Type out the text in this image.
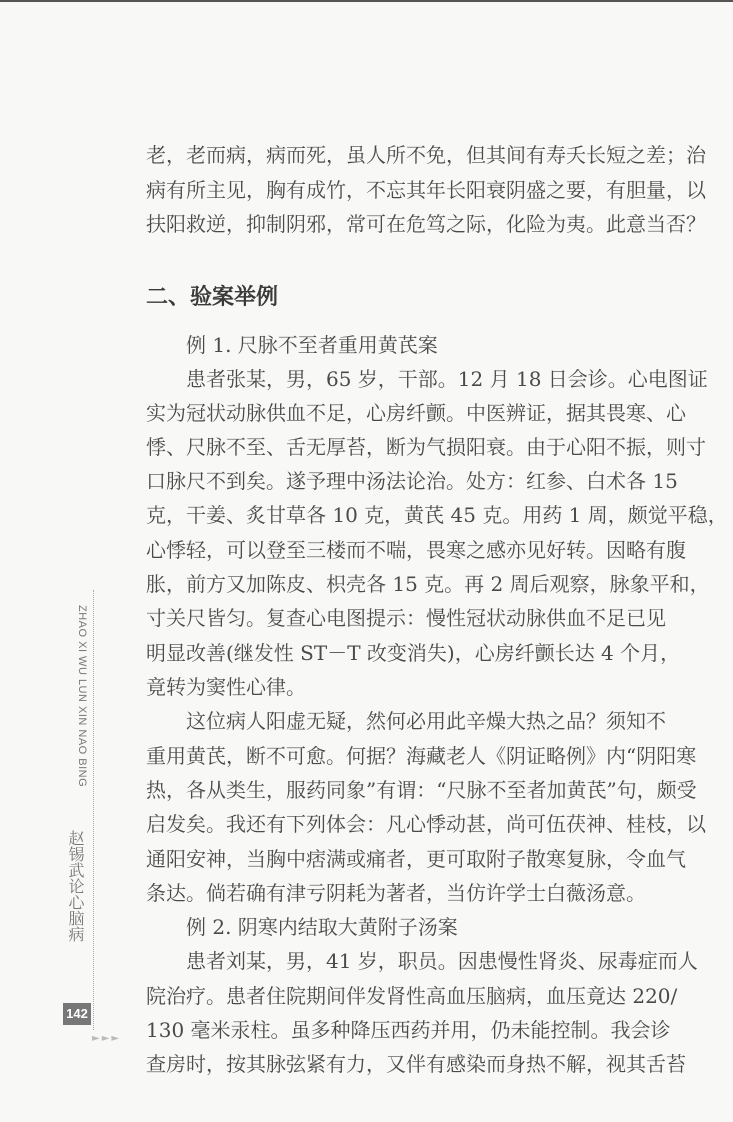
老，老而病，病而死，虽人所不免，但其间有寿夭长短之差；治
病有所主见，胸有成竹，不忘其年长阳衰阴盛之要，有胆量，以
扶阳救逆，抑制阴邪，常可在危笃之际，化险为夷。此意当否？
二、验案举例
例 1. 尺脉不至者重用黄芪案
患者张某，男，65 岁，干部。12 月 18 日会诊。心电图证
实为冠状动脉供血不足，心房纤颤。中医辨证，据其畏寒、心
悸、尺脉不至、舌无厚苔，断为气损阳衰。由于心阳不振，则寸
口脉尺不到矣。遂予理中汤法论治。处方：红参、白术各 15
克，干姜、炙甘草各 10 克，黄芪 45 克。用药 1 周，颇觉平稳，
心悸轻，可以登至三楼而不喘，畏寒之感亦见好转。因略有腹
胀，前方又加陈皮、枳壳各 15 克。再 2 周后观察，脉象平和，
寸关尺皆匀。复查心电图提示：慢性冠状动脉供血不足已见
明显改善(继发性 ST－T 改变消失)，心房纤颤长达 4 个月，
竟转为窦性心律。
这位病人阳虚无疑，然何必用此辛燥大热之品？须知不
重用黄芪，断不可愈。何据？海藏老人《阴证略例》内“阴阳寒
热，各从类生，服药同象”有谓：“尺脉不至者加黄芪”句，颇受
启发矣。我还有下列体会：凡心悸动甚，尚可伍茯神、桂枝，以
通阳安神，当胸中痞满或痛者，更可取附子散寒复脉，令血气
条达。倘若确有津亏阴耗为著者，当仿许学士白薇汤意。
例 2. 阴寒内结取大黄附子汤案
患者刘某，男，41 岁，职员。因患慢性肾炎、尿毒症而人
院治疗。患者住院期间伴发肾性高血压脑病，血压竟达 220/
130 毫米汞柱。虽多种降压西药并用，仍未能控制。我会诊
查房时，按其脉弦紧有力，又伴有感染而身热不解，视其舌苔
ZHAO XI WU LUN XIN NAO BING
赵锡武论心脑病
142
►►►
